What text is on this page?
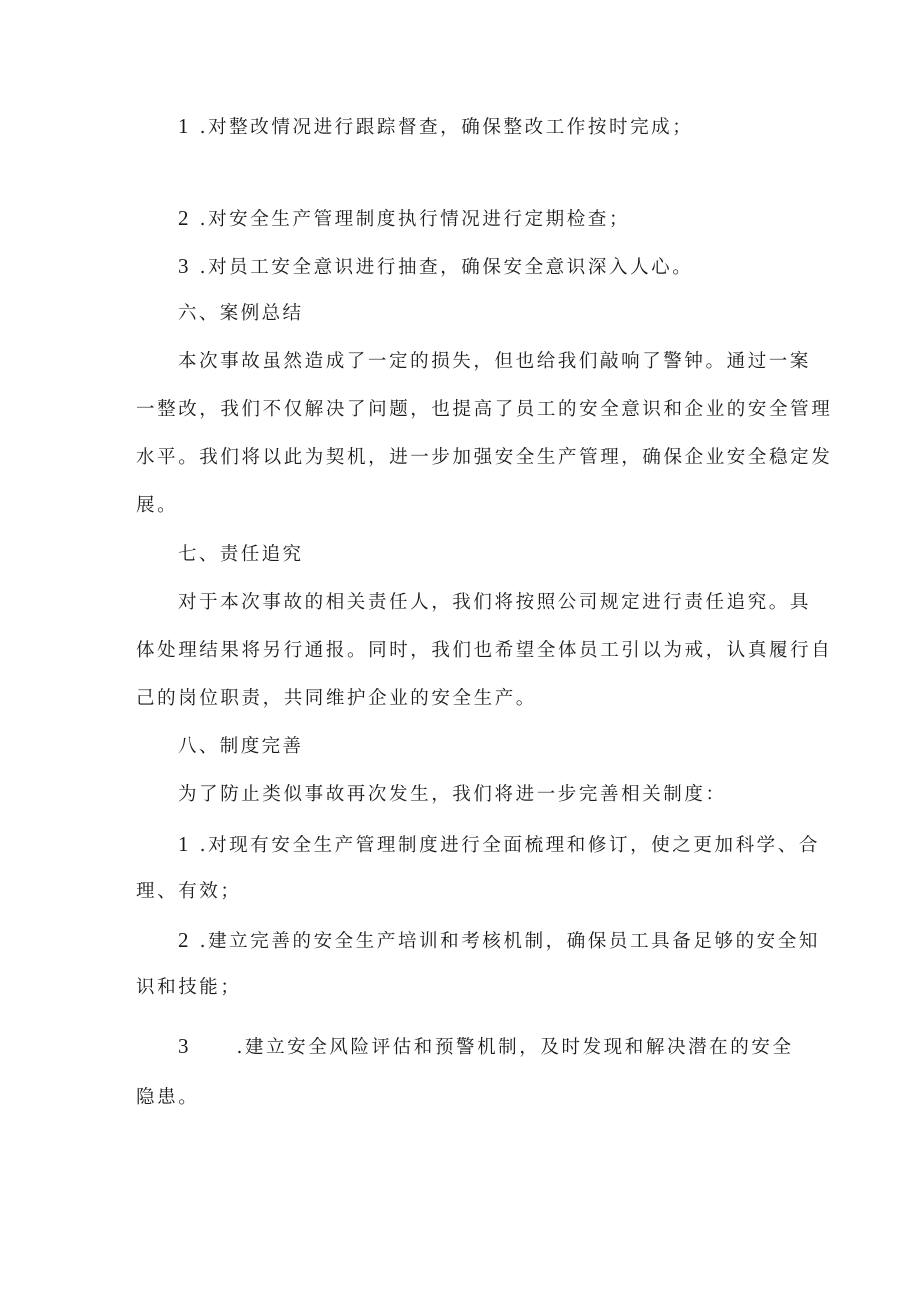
1 .对整改情况进行跟踪督查，确保整改工作按时完成；
2 .对安全生产管理制度执行情况进行定期检查；
3 .对员工安全意识进行抽查，确保安全意识深入人心。
六、案例总结
本次事故虽然造成了一定的损失，但也给我们敲响了警钟。通过一案
一整改，我们不仅解决了问题，也提高了员工的安全意识和企业的安全管理
水平。我们将以此为契机，进一步加强安全生产管理，确保企业安全稳定发
展。
七、责任追究
对于本次事故的相关责任人，我们将按照公司规定进行责任追究。具
体处理结果将另行通报。同时，我们也希望全体员工引以为戒，认真履行自
己的岗位职责，共同维护企业的安全生产。
八、制度完善
为了防止类似事故再次发生，我们将进一步完善相关制度：
1 .对现有安全生产管理制度进行全面梳理和修订，使之更加科学、合
理、有效；
2 .建立完善的安全生产培训和考核机制，确保员工具备足够的安全知
识和技能；
3 .建立安全风险评估和预警机制，及时发现和解决潜在的安全
隐患。
